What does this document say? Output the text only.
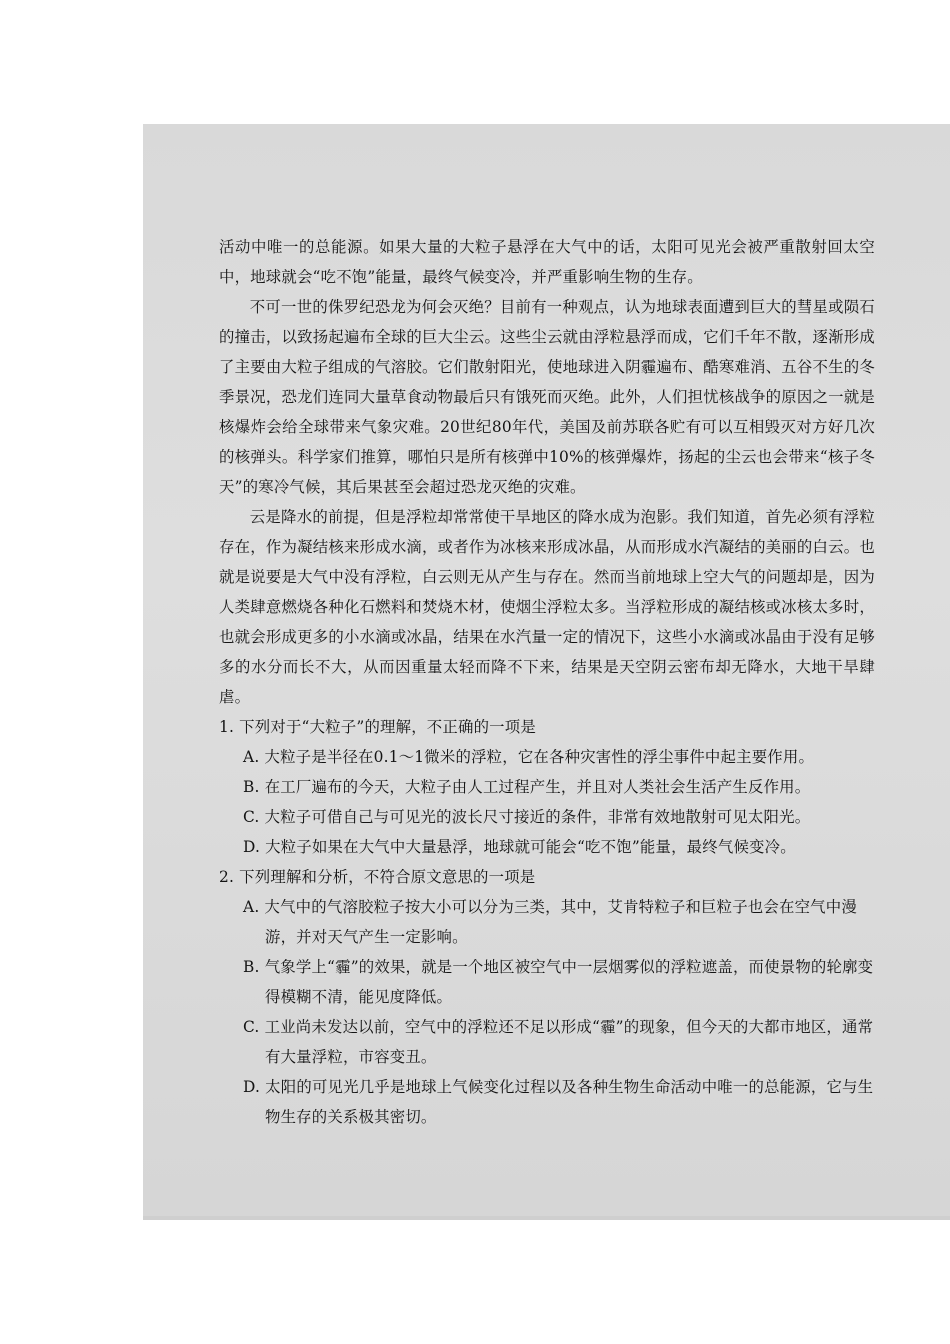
活动中唯一的总能源。如果大量的大粒子悬浮在大气中的话，太阳可见光会被严重散射回太空中，地球就会“吃不饱”能量，最终气候变冷，并严重影响生物的生存。

不可一世的侏罗纪恐龙为何会灭绝？目前有一种观点，认为地球表面遭到巨大的彗星或陨石的撞击，以致扬起遍布全球的巨大尘云。这些尘云就由浮粒悬浮而成，它们千年不散，逐渐形成了主要由大粒子组成的气溶胶。它们散射阳光，使地球进入阴霾遍布、酷寒难消、五谷不生的冬季景况，恐龙们连同大量草食动物最后只有饿死而灭绝。此外，人们担忧核战争的原因之一就是核爆炸会给全球带来气象灾难。20世纪80年代，美国及前苏联各贮有可以互相毁灭对方好几次的核弹头。科学家们推算，哪怕只是所有核弹中10%的核弹爆炸，扬起的尘云也会带来“核子冬天”的寒冷气候，其后果甚至会超过恐龙灭绝的灾难。

云是降水的前提，但是浮粒却常常使干旱地区的降水成为泡影。我们知道，首先必须有浮粒存在，作为凝结核来形成水滴，或者作为冰核来形成冰晶，从而形成水汽凝结的美丽的白云。也就是说要是大气中没有浮粒，白云则无从产生与存在。然而当前地球上空大气的问题却是，因为人类肆意燃烧各种化石燃料和焚烧木材，使烟尘浮粒太多。当浮粒形成的凝结核或冰核太多时，也就会形成更多的小水滴或冰晶，结果在水汽量一定的情况下，这些小水滴或冰晶由于没有足够多的水分而长不大，从而因重量太轻而降不下来，结果是天空阴云密布却无降水，大地干旱肆虐。

1. 下列对于“大粒子”的理解，不正确的一项是

A. 大粒子是半径在0.1～1微米的浮粒，它在各种灾害性的浮尘事件中起主要作用。

B. 在工厂遍布的今天，大粒子由人工过程产生，并且对人类社会生活产生反作用。

C. 大粒子可借自己与可见光的波长尺寸接近的条件，非常有效地散射可见太阳光。

D. 大粒子如果在大气中大量悬浮，地球就可能会“吃不饱”能量，最终气候变冷。

2. 下列理解和分析，不符合原文意思的一项是

A. 大气中的气溶胶粒子按大小可以分为三类，其中，艾肯特粒子和巨粒子也会在空气中漫游，并对天气产生一定影响。

B. 气象学上“霾”的效果，就是一个地区被空气中一层烟雾似的浮粒遮盖，而使景物的轮廓变得模糊不清，能见度降低。

C. 工业尚未发达以前，空气中的浮粒还不足以形成“霾”的现象，但今天的大都市地区，通常有大量浮粒，市容变丑。

D. 太阳的可见光几乎是地球上气候变化过程以及各种生物生命活动中唯一的总能源，它与生物生存的关系极其密切。
